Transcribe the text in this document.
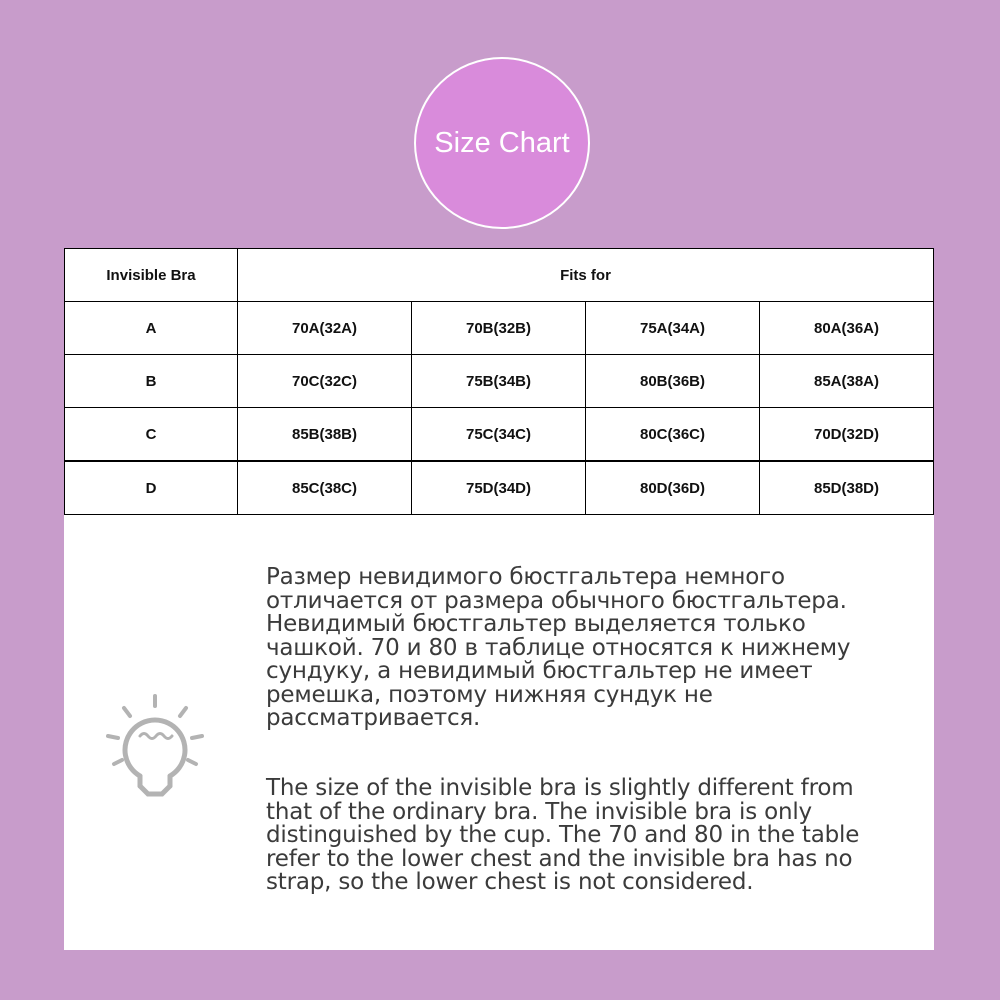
Size Chart
Invisible Bra	Fits for			
A	70A(32A)	70B(32B)	75A(34A)	80A(36A)
B	70C(32C)	75B(34B)	80B(36B)	85A(38A)
C	85B(38B)	75C(34C)	80C(36C)	70D(32D)
D	85C(38C)	75D(34D)	80D(36D)	85D(38D)
Размер невидимого бюстгальтера немного отличается от размера обычного бюстгальтера. Невидимый бюстгальтер выделяется только чашкой. 70 и 80 в таблице относятся к нижнему сундуку, а невидимый бюстгальтер не имеет ремешка, поэтому нижняя сундук не рассматривается.
The size of the invisible bra is slightly different from that of the ordinary bra. The invisible bra is only distinguished by the cup. The 70 and 80 in the table refer to the lower chest and the invisible bra has no strap, so the lower chest is not considered.
